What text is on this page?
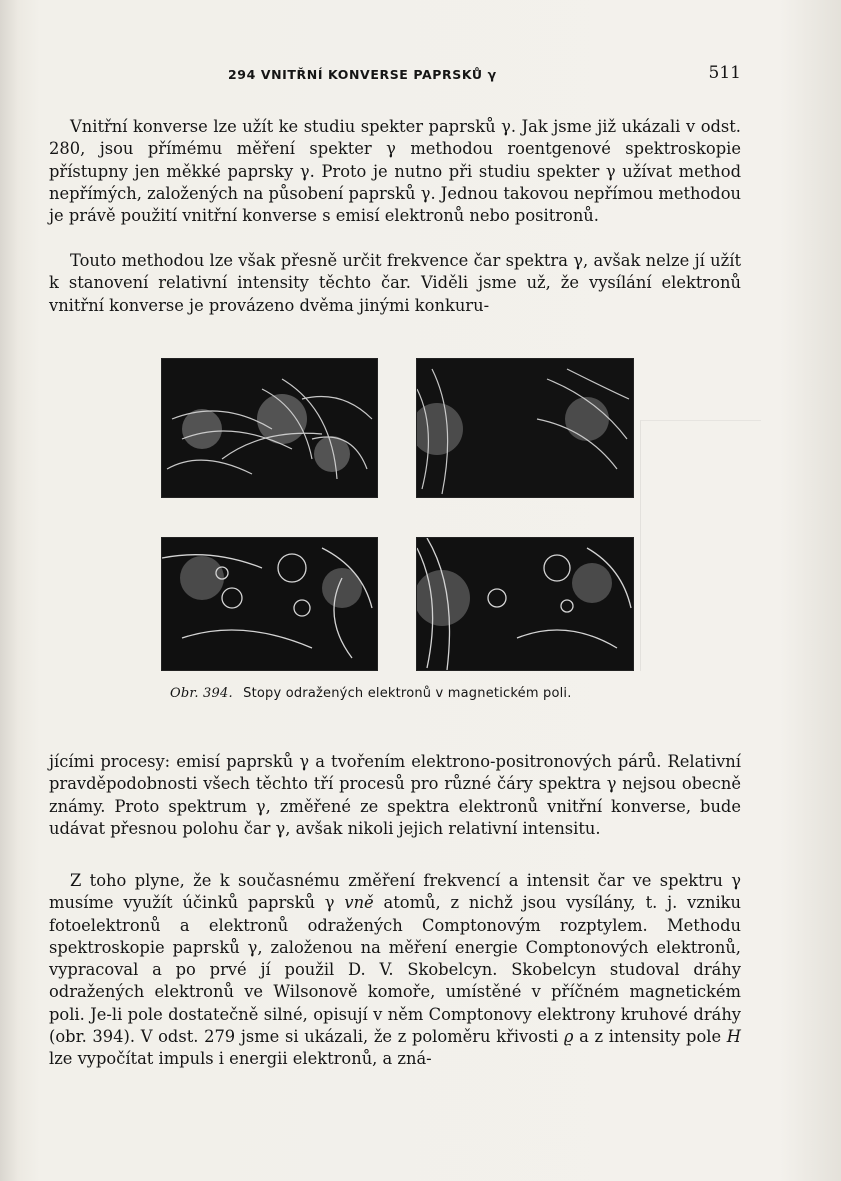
294 VNITŘNÍ KONVERSE PAPRSKŮ γ	511

Vnitřní konverse lze užít ke studiu spekter paprsků γ. Jak jsme již ukázali v odst. 280, jsou přímému měření spekter γ methodou roentgenové spektroskopie přístupny jen měkké paprsky γ. Proto je nutno při studiu spekter γ užívat method nepřímých, založených na působení paprsků γ. Jednou takovou nepřímou methodou je právě použití vnitřní konverse s emisí elektronů nebo positronů.

Touto methodou lze však přesně určit frekvence čar spektra γ, avšak nelze jí užít k stanovení relativní intensity těchto čar. Viděli jsme už, že vysílání elektronů vnitřní konverse je provázeno dvěma jinými konkuru-

Obr. 394. Stopy odražených elektronů v magnetickém poli.

jícími procesy: emisí paprsků γ a tvořením elektrono-positronových párů. Relativní pravděpodobnosti všech těchto tří procesů pro různé čáry spektra γ nejsou obecně známy. Proto spektrum γ, změřené ze spektra elektronů vnitřní konverse, bude udávat přesnou polohu čar γ, avšak nikoli jejich relativní intensitu.

Z toho plyne, že k současnému změření frekvencí a intensit čar ve spektru γ musíme využít účinků paprsků γ vně atomů, z nichž jsou vysílány, t. j. vzniku fotoelektronů a elektronů odražených Comptonovým rozptylem. Methodu spektroskopie paprsků γ, založenou na měření energie Comptonových elektronů, vypracoval a po prvé jí použil D. V. Skobelcyn. Skobelcyn studoval dráhy odražených elektronů ve Wilsonově komoře, umístěné v příčném magnetickém poli. Je-li pole dostatečně silné, opisují v něm Comptonovy elektrony kruhové dráhy (obr. 394). V odst. 279 jsme si ukázali, že z poloměru křivosti ϱ a z intensity pole H lze vypočítat impuls i energii elektronů, a zná-
